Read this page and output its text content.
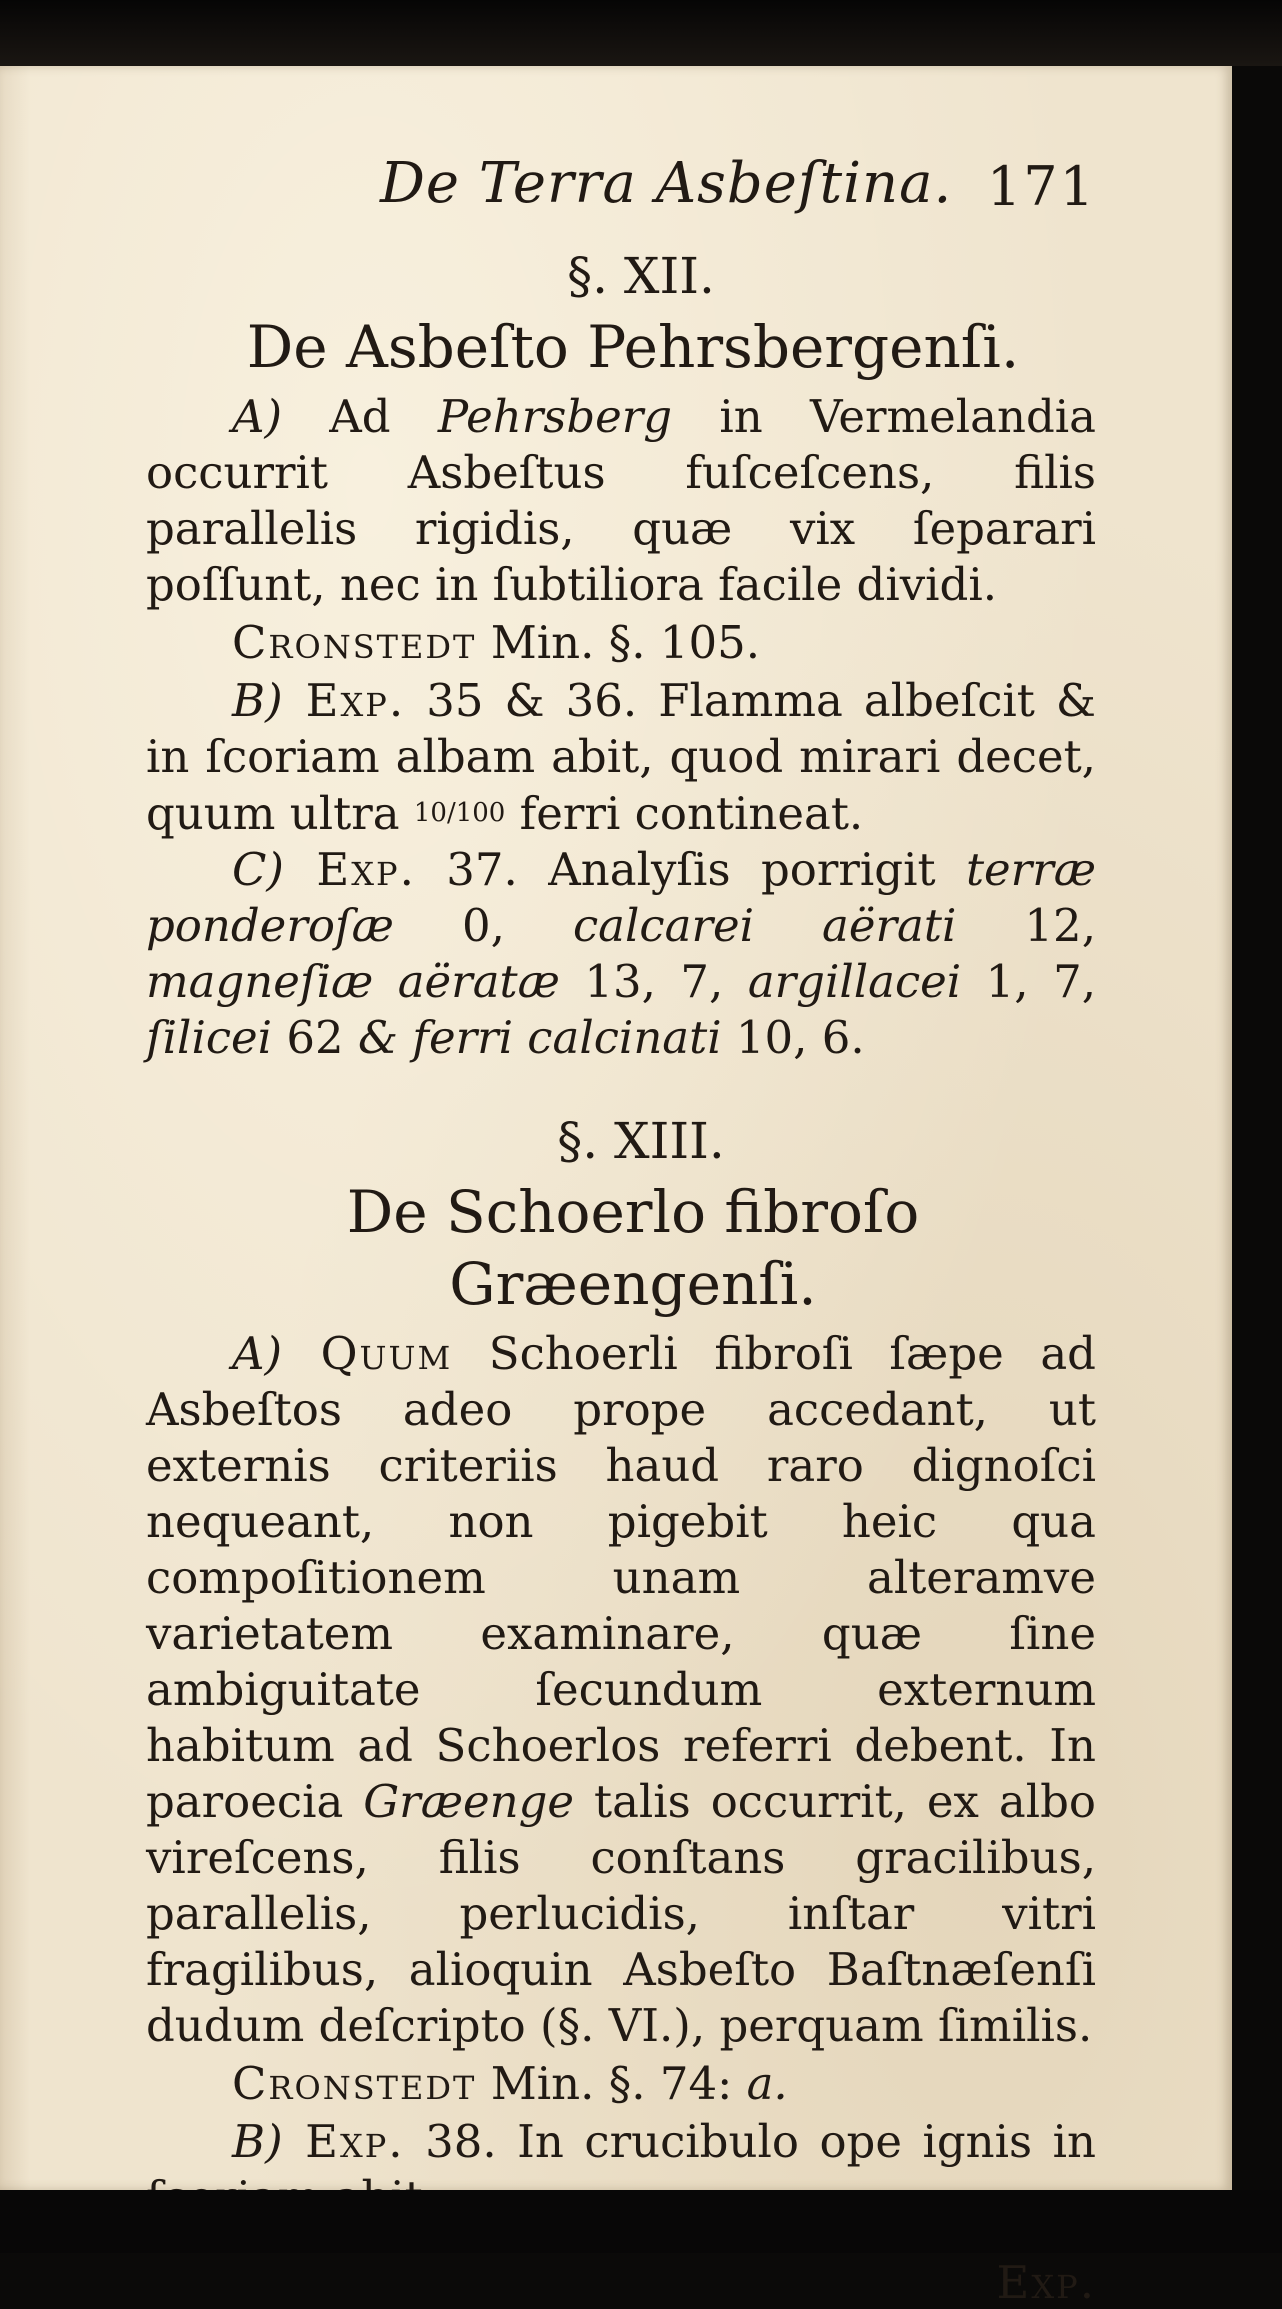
De Terra Asbeſtina. 171
§. XII.
De Asbeſto Pehrsbergenſi.

A) Ad Pehrsberg in Vermelandia occurrit Asbeſtus fuſceſcens, filis parallelis rigidis, quæ vix ſeparari poſſunt, nec in ſubtiliora facile dividi.

Cronstedt Min. §. 105.

B) Exp. 35 & 36. Flamma albeſcit & in ſcoriam albam abit, quod mirari decet, quum ultra 10/100 ferri contineat.

C) Exp. 37. Analyſis porrigit terræ ponderoſæ 0, calcarei aërati 12, magneſiæ aëratæ 13, 7, argillacei 1, 7, ſilicei 62 & ferri calcinati 10, 6.

§. XIII.
De Schoerlo fibroſo Græengenſi.

A) Quum Schoerli fibroſi ſæpe ad Asbeſtos adeo prope accedant, ut externis criteriis haud raro dignoſci nequeant, non pigebit heic qua compoſitionem unam alteramve varietatem examinare, quæ ſine ambiguitate ſecundum externum habitum ad Schoerlos referri debent. In paroecia Græenge talis occurrit, ex albo vireſcens, filis conſtans gracilibus, parallelis, perlucidis, inſtar vitri fragilibus, alioquin Asbeſto Baſtnæſenſi dudum deſcripto (§. VI.), perquam ſimilis.

Cronstedt Min. §. 74: a.

B) Exp. 38. In crucibulo ope ignis in

Exp.
